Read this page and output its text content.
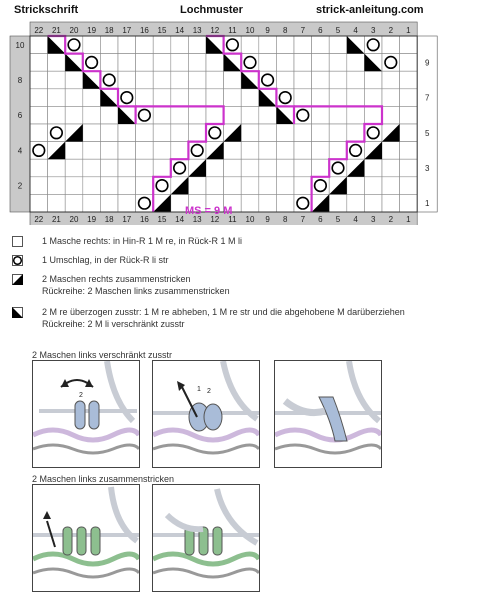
Strickschrift	Lochmuster	strick-anleitung.com
22 21 20 19 18 17 16 15 14 13 12 11 10 9 8 7 6 5 4 3 2 1
22 21 20 19 18 17 16 15 14 13 12 11 10 9 8 7 6 5 4 3 2 1
10
8
6
4
2
9
7
5
3
1
MS = 9 M
1 Masche rechts: in Hin-R 1 M re, in Rück-R 1 M li
1 Umschlag, in der Rück-R li str
2 Maschen rechts zusammenstricken
Rückreihe: 2 Maschen links zusammenstricken
2 M re überzogen zusstr: 1 M re abheben, 1 M re str und die abgehobene M darüberziehen
Rückreihe: 2 M li verschränkt zusstr
2 Maschen links verschränkt zusstr
2
1 2
2 Maschen links zusammenstricken
